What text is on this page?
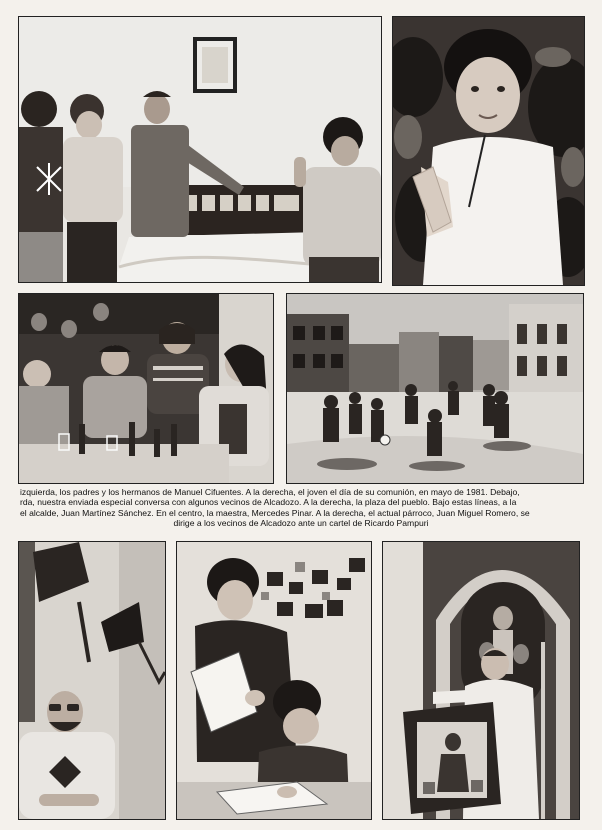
izquierda, los padres y los hermanos de Manuel Cifuentes. A la derecha, el joven el día de su comunión, en mayo de 1981. Debajo,
rda, nuestra enviada especial conversa con algunos vecinos de Alcadozo. A la derecha, la plaza del pueblo. Bajo estas líneas, a la
el alcalde, Juan Martínez Sánchez. En el centro, la maestra, Mercedes Pinar. A la derecha, el actual párroco, Juan Miguel Romero, se
dirige a los vecinos de Alcadozo ante un cartel de Ricardo Pampuri
